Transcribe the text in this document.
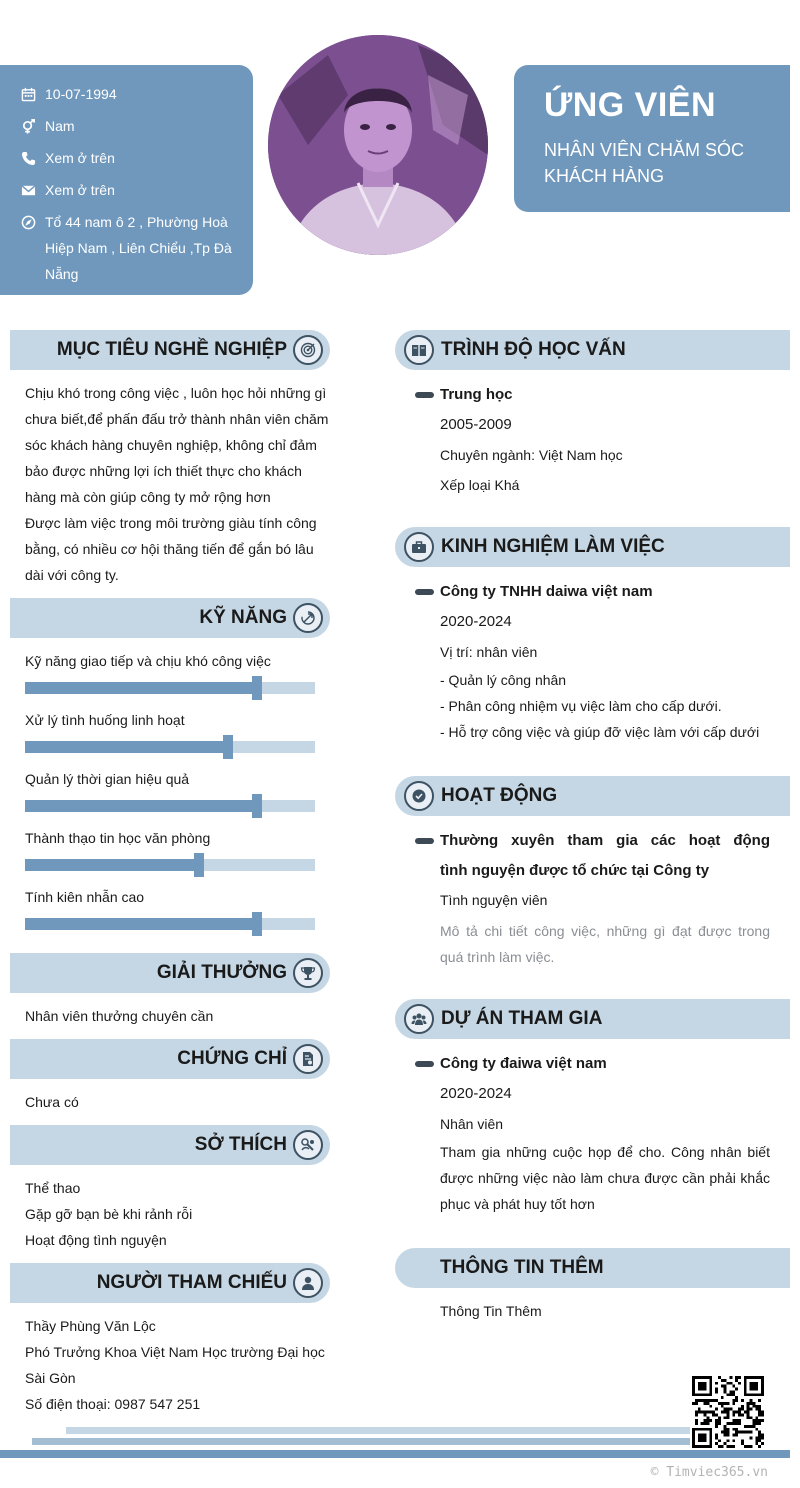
10-07-1994
Nam
Xem ở trên
Xem ở trên
Tổ 44 nam ô 2 , Phường Hoà
Hiệp Nam , Liên Chiểu ,Tp Đà
Nẵng
ỨNG VIÊN
NHÂN VIÊN CHĂM SÓC
KHÁCH HÀNG
MỤC TIÊU NGHỀ NGHIỆP
Chịu khó trong công việc , luôn học hỏi những gì
chưa biết,để phấn đấu trở thành nhân viên chăm
sóc khách hàng chuyên nghiệp, không chỉ đảm
bảo được những lợi ích thiết thực cho khách
hàng mà còn giúp công ty mở rộng hơn
Được làm việc trong môi trường giàu tính công
bằng, có nhiều cơ hội thăng tiến để gắn bó lâu
dài với công ty.
KỸ NĂNG
Kỹ năng giao tiếp và chịu khó công việc
Xử lý tình huống linh hoạt
Quản lý thời gian hiệu quả
Thành thạo tin học văn phòng
Tính kiên nhẫn cao
GIẢI THƯỞNG
Nhân viên thưởng chuyên cần
CHỨNG CHỈ
Chưa có
SỞ THÍCH
Thể thao
Gặp gỡ bạn bè khi rảnh rỗi
Hoạt động tình nguyện
NGƯỜI THAM CHIẾU
Thầy Phùng Văn Lộc
Phó Trưởng Khoa Việt Nam Học trường Đại học
Sài Gòn
Số điện thoại: 0987 547 251
TRÌNH ĐỘ HỌC VẤN
Trung học
2005-2009
Chuyên ngành: Việt Nam học
Xếp loại Khá
KINH NGHIỆM LÀM VIỆC
Công ty TNHH daiwa việt nam
2020-2024
Vị trí: nhân viên
- Quản lý công nhân
- Phân công nhiệm vụ việc làm cho cấp dưới.
- Hỗ trợ công việc và giúp đỡ việc làm với cấp dưới
HOẠT ĐỘNG
Thường xuyên tham gia các hoạt động
tình nguyện được tổ chức tại Công ty
Tình nguyện viên
Mô tả chi tiết công việc, những gì đạt được trong
quá trình làm việc.
DỰ ÁN THAM GIA
Công ty đaiwa việt nam
2020-2024
Nhân viên
Tham gia những cuộc họp để cho. Công nhân biết
được những việc nào làm chưa được cần phải khắc
phục và phát huy tốt hơn
THÔNG TIN THÊM
Thông Tin Thêm
© Timviec365.vn
